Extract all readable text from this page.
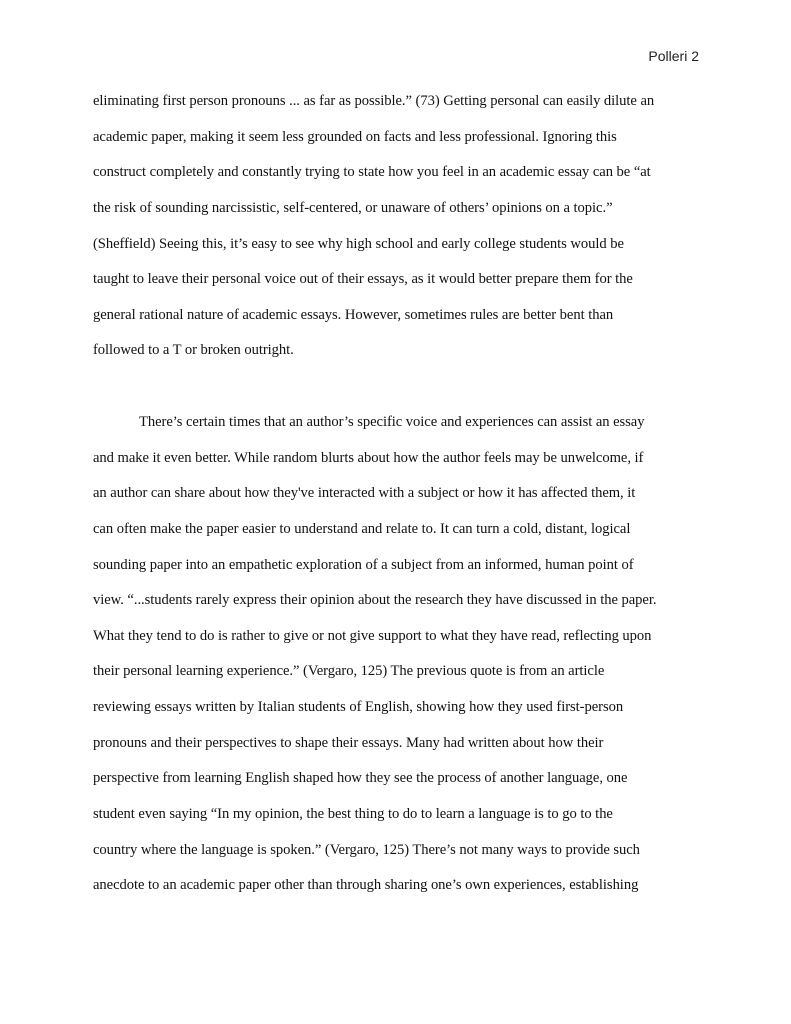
Polleri 2
eliminating first person pronouns ... as far as possible.” (73) Getting personal can easily dilute an
academic paper, making it seem less grounded on facts and less professional. Ignoring this
construct completely and constantly trying to state how you feel in an academic essay can be “at
the risk of sounding narcissistic, self-centered, or unaware of others’ opinions on a topic.”
(Sheffield) Seeing this, it’s easy to see why high school and early college students would be
taught to leave their personal voice out of their essays, as it would better prepare them for the
general rational nature of academic essays. However, sometimes rules are better bent than
followed to a T or broken outright.
There’s certain times that an author’s specific voice and experiences can assist an essay
and make it even better. While random blurts about how the author feels may be unwelcome, if
an author can share about how they've interacted with a subject or how it has affected them, it
can often make the paper easier to understand and relate to. It can turn a cold, distant, logical
sounding paper into an empathetic exploration of a subject from an informed, human point of
view. “...students rarely express their opinion about the research they have discussed in the paper.
What they tend to do is rather to give or not give support to what they have read, reflecting upon
their personal learning experience.” (Vergaro, 125) The previous quote is from an article
reviewing essays written by Italian students of English, showing how they used first-person
pronouns and their perspectives to shape their essays. Many had written about how their
perspective from learning English shaped how they see the process of another language, one
student even saying “In my opinion, the best thing to do to learn a language is to go to the
country where the language is spoken.” (Vergaro, 125) There’s not many ways to provide such
anecdote to an academic paper other than through sharing one’s own experiences, establishing
